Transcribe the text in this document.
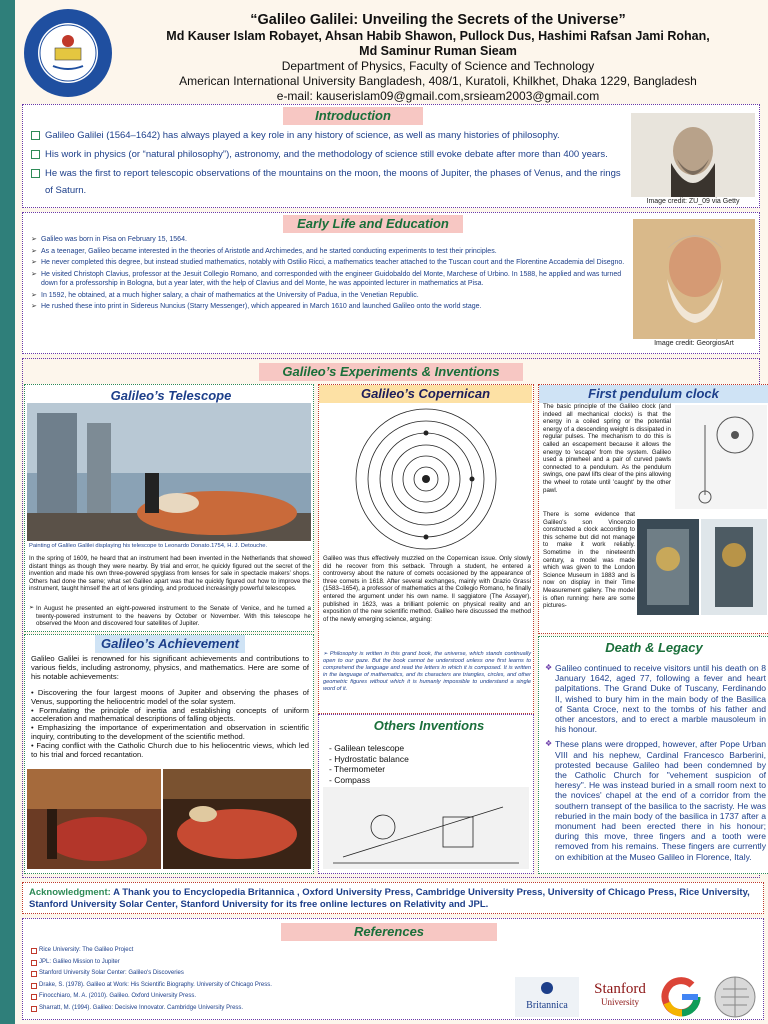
“Galileo Galilei: Unveiling the Secrets of the Universe”
Md Kauser Islam Robayet, Ahsan Habib Shawon, Pullock Dus, Hashimi Rafsan Jami Rohan,
Md Saminur Ruman Sieam
Department of Physics, Faculty of Science and Technology
American International University Bangladesh, 408/1, Kuratoli, Khilkhet, Dhaka 1229, Bangladesh
e-mail: kauserislam09@gmail.com,srsieam2003@gmail.com
Introduction
Galileo Galilei (1564–1642) has always played a key role in any history of science, as well as many histories of philosophy.
His work in physics (or “natural philosophy”), astronomy, and the methodology of science still evoke debate after more than 400 years.
He was the first to report telescopic observations of the mountains on the moon, the moons of Jupiter, the phases of Venus, and the rings of Saturn.
Image credit: ZU_09 via Getty
Early Life and Education
➢ Galileo was born in Pisa on February 15, 1564.
➢ As a teenager, Galileo became interested in the theories of Aristotle and Archimedes, and he started conducting experiments to test their principles.
➢ He never completed this degree, but instead studied mathematics, notably with Ostilio Ricci, a mathematics teacher attached to the Tuscan court and the Florentine Accademia del Disegno.
➢ He visited Christoph Clavius, professor at the Jesuit Collegio Romano, and corresponded with the engineer Guidobaldo del Monte, Marchese of Urbino. In 1588, he applied and was turned down for a professorship in Bologna, but a year later, with the help of Clavius and del Monte, he was appointed lecturer in mathematics at Pisa.
➢ In 1592, he obtained, at a much higher salary, a chair of mathematics at the University of Padua, in the Venetian Republic.
➢ He rushed these into print in Sidereus Nuncius (Starry Messenger), which appeared in March 1610 and launched Galileo onto the world stage.
Image credit: GeorgiosArt
Galileo’s Experiments & Inventions
Galileo’s Telescope
Painting of Galileo Galilei displaying his telescope to Leonardo Donato.1754, H. J. Detouche.
In the spring of 1609, he heard that an instrument had been invented in the Netherlands that showed distant things as though they were nearby. By trial and error, he quickly figured out the secret of the invention and made his own three-powered spyglass from lenses for sale in spectacle makers’ shops. Others had done the same; what set Galileo apart was that he quickly figured out how to improve the instrument, taught himself the art of lens grinding, and produced increasingly powerful telescopes.
➢ In August he presented an eight-powered instrument to the Senate of Venice, and he turned a twenty-powered instrument to the heavens by October or November. With this telescope he observed the Moon and discovered four satellites of Jupiter.
Galileo’s Copernican
Galileo was thus effectively muzzled on the Copernican issue. Only slowly did he recover from this setback. Through a student, he entered a controversy about the nature of comets occasioned by the appearance of three comets in 1618. After several exchanges, mainly with Orazio Grassi (1583–1654), a professor of mathematics at the Collegio Romano, he finally entered the argument under his own name. Il saggiatore (The Assayer), published in 1623, was a brilliant polemic on physical reality and an exposition of the new scientific method. Galileo here discussed the method of the newly emerging science, arguing:
➢ Philosophy is written in this grand book, the universe, which stands continually open to our gaze. But the book cannot be understood unless one first learns to comprehend the language and read the letters in which it is composed. It is written in the language of mathematics, and its characters are triangles, circles, and other geometric figures without which it is humanly impossible to understand a single word of it.
First pendulum clock
The basic principle of the Galileo clock (and indeed all mechanical clocks) is that the energy in a coiled spring or the potential energy of a descending weight is dissipated in regular pulses. The mechanism to do this is called an escapement because it allows the energy to 'escape' from the system. Galileo used a pinwheel and a pair of curved pawls connected to a pendulum. As the pendulum swings, one pawl lifts clear of the pins allowing the wheel to rotate until 'caught' by the other pawl.
There is some evidence that Galileo's son Vincenzio constructed a clock according to this scheme but did not manage to make it work reliably. Sometime in the nineteenth century, a model was made which was given to the London Science Museum in 1883 and is now on display in their Time Measurement gallery. The model is often running: here are some pictures-
Galileo’s Achievement
Galileo Galilei is renowned for his significant achievements and contributions to various fields, including astronomy, physics, and mathematics. Here are some of his notable achievements:
• Discovering the four largest moons of Jupiter and observing the phases of Venus, supporting the heliocentric model of the solar system.
• Formulating the principle of inertia and establishing concepts of uniform acceleration and mathematical descriptions of falling objects.
• Emphasizing the importance of experimentation and observation in scientific inquiry, contributing to the development of the scientific method.
• Facing conflict with the Catholic Church due to his heliocentric views, which led to his trial and forced recantation.
Others Inventions
- Galilean telescope
- Hydrostatic balance
- Thermometer
- Compass
Death & Legacy
❖ Galileo continued to receive visitors until his death on 8 January 1642, aged 77, following a fever and heart palpitations. The Grand Duke of Tuscany, Ferdinando II, wished to bury him in the main body of the Basilica of Santa Croce, next to the tombs of his father and other ancestors, and to erect a marble mausoleum in his honour.
❖ These plans were dropped, however, after Pope Urban VIII and his nephew, Cardinal Francesco Barberini, protested because Galileo had been condemned by the Catholic Church for "vehement suspicion of heresy". He was instead buried in a small room next to the novices' chapel at the end of a corridor from the southern transept of the basilica to the sacristy. He was reburied in the main body of the basilica in 1737 after a monument had been erected there in his honour; during this move, three fingers and a tooth were removed from his remains. These fingers are currently on exhibition at the Museo Galileo in Florence, Italy.
Acknowledgment: A Thank you to Encyclopedia Britannica , Oxford University Press, Cambridge University Press, University of Chicago Press, Rice University, Stanford University Solar Center, Stanford University for its free online lectures on Relativity and JPL.
References
Rice University: The Galileo Project
JPL: Galileo Mission to Jupiter
Stanford University Solar Center: Galileo's Discoveries
Drake, S. (1978). Galileo at Work: His Scientific Biography. University of Chicago Press.
Finocchiaro, M. A. (2010). Galileo. Oxford University Press.
Sharratt, M. (1994). Galileo: Decisive Innovator. Cambridge University Press.	Britannica
Stanford
University
